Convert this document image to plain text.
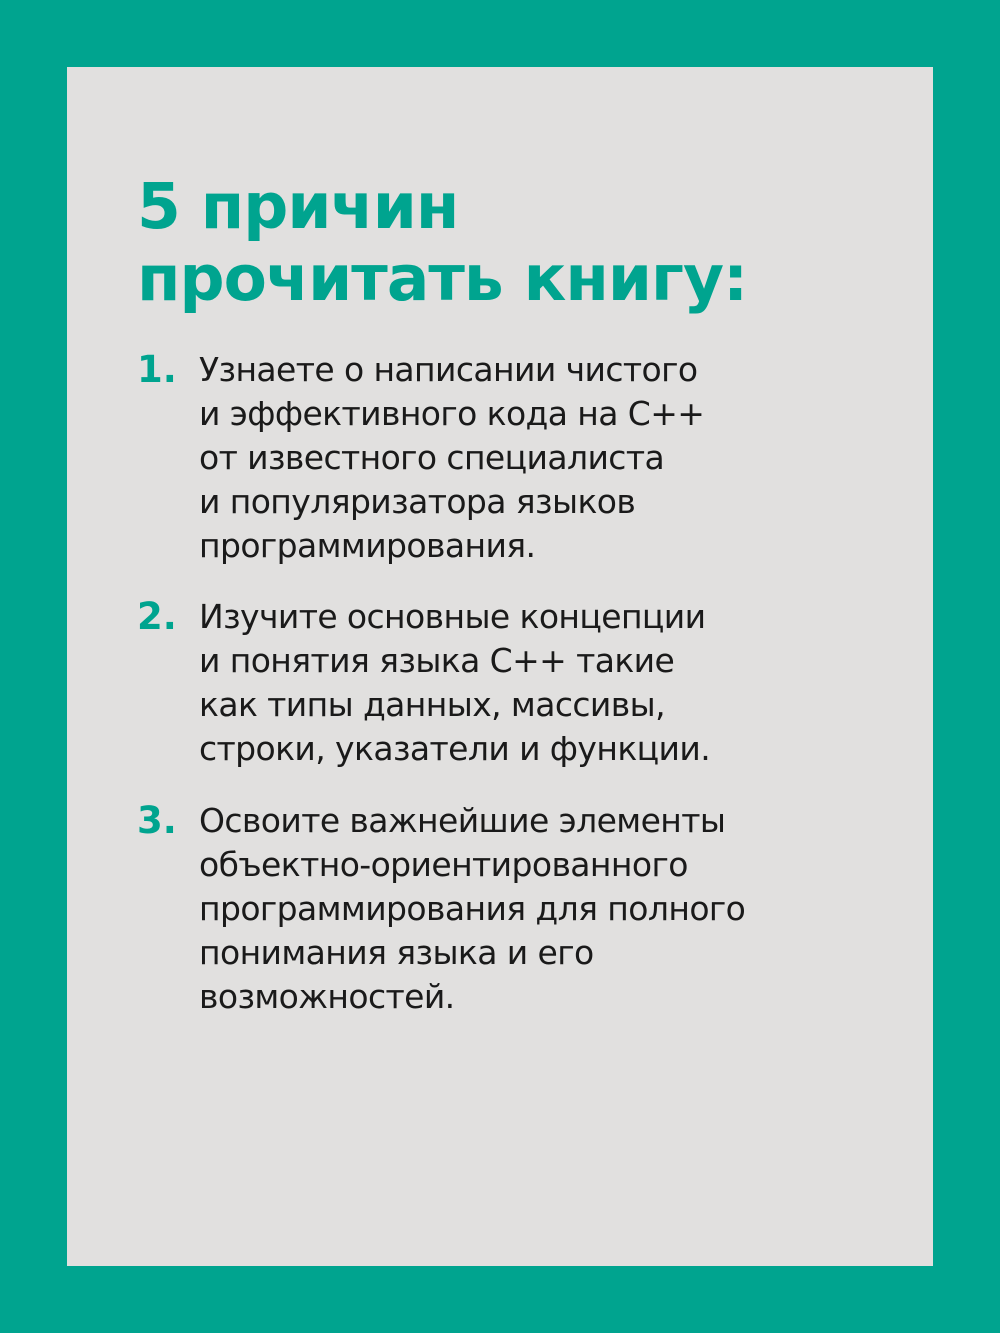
5 причин
прочитать книгу:
1. Узнаете о написании чистого
и эффективного кода на С++
от известного специалиста
и популяризатора языков
программирования.
2. Изучите основные концепции
и понятия языка С++ такие
как типы данных, массивы,
строки, указатели и функции.
3. Освоите важнейшие элементы
объектно-ориентированного
программирования для полного
понимания языка и его
возможностей.
